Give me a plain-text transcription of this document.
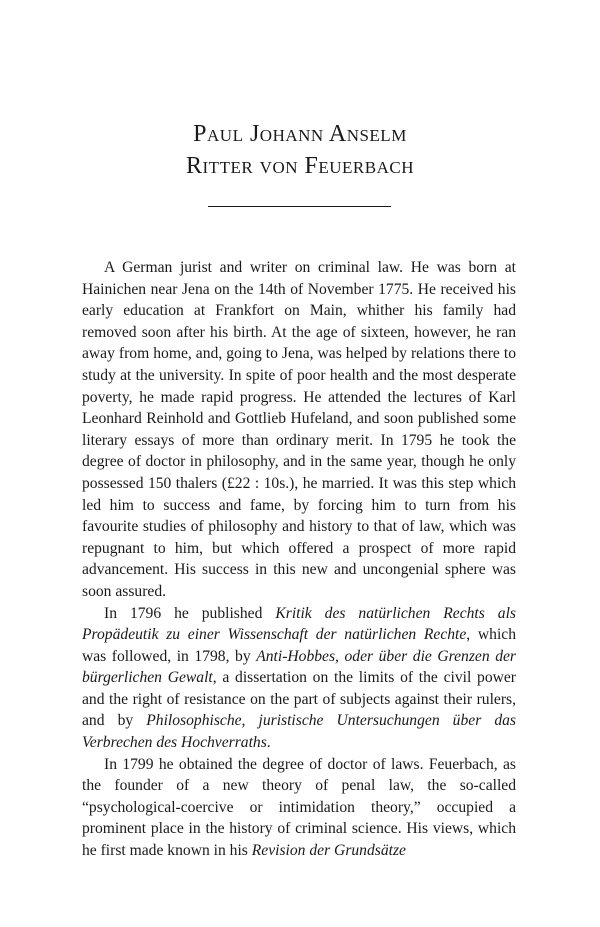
Paul Johann Anselm
Ritter von Feuerbach

A German jurist and writer on criminal law. He was born at Hainichen near Jena on the 14th of November 1775. He received his early education at Frankfort on Main, whither his family had removed soon after his birth. At the age of sixteen, however, he ran away from home, and, going to Jena, was helped by relations there to study at the university. In spite of poor health and the most desperate poverty, he made rapid progress. He attended the lectures of Karl Leonhard Reinhold and Gottlieb Hufeland, and soon published some literary essays of more than ordinary merit. In 1795 he took the degree of doctor in philosophy, and in the same year, though he only possessed 150 thalers (£22 : 10s.), he married. It was this step which led him to success and fame, by forcing him to turn from his favourite studies of philosophy and history to that of law, which was repugnant to him, but which offered a prospect of more rapid advancement. His success in this new and uncongenial sphere was soon assured.

In 1796 he published Kritik des natürlichen Rechts als Propädeutik zu einer Wissenschaft der natürlichen Rechte, which was followed, in 1798, by Anti-Hobbes, oder über die Grenzen der bürgerlichen Gewalt, a dissertation on the limits of the civil power and the right of resistance on the part of subjects against their rulers, and by Philosophische, juristische Untersuchungen über das Verbrechen des Hochverraths.

In 1799 he obtained the degree of doctor of laws. Feuerbach, as the founder of a new theory of penal law, the so-called “psychological-coercive or intimidation theory,” occupied a prominent place in the history of criminal science. His views, which he first made known in his Revision der Grundsätze
